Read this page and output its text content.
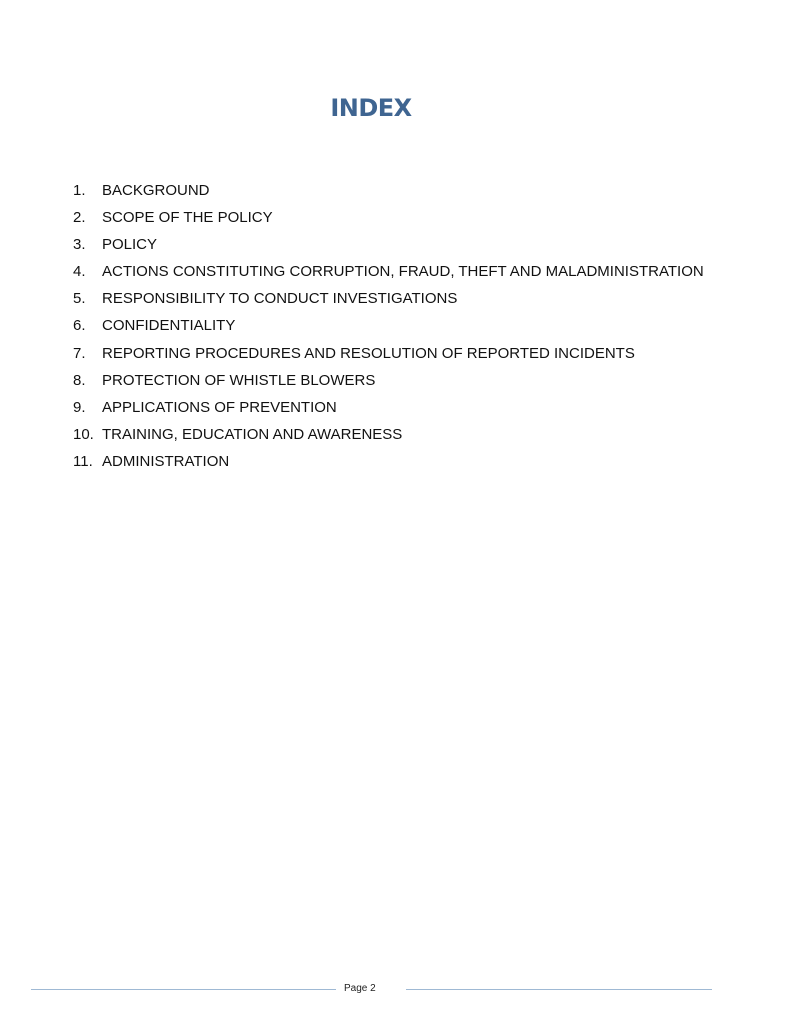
INDEX
1.	BACKGROUND
2.	SCOPE OF THE POLICY
3.	POLICY
4.	ACTIONS CONSTITUTING CORRUPTION, FRAUD, THEFT AND MALADMINISTRATION
5.	RESPONSIBILITY TO CONDUCT INVESTIGATIONS
6.	CONFIDENTIALITY
7.	REPORTING PROCEDURES AND RESOLUTION OF REPORTED INCIDENTS
8.	PROTECTION OF WHISTLE BLOWERS
9.	APPLICATIONS OF PREVENTION
10. TRAINING, EDUCATION AND AWARENESS
11. ADMINISTRATION
Page 2
